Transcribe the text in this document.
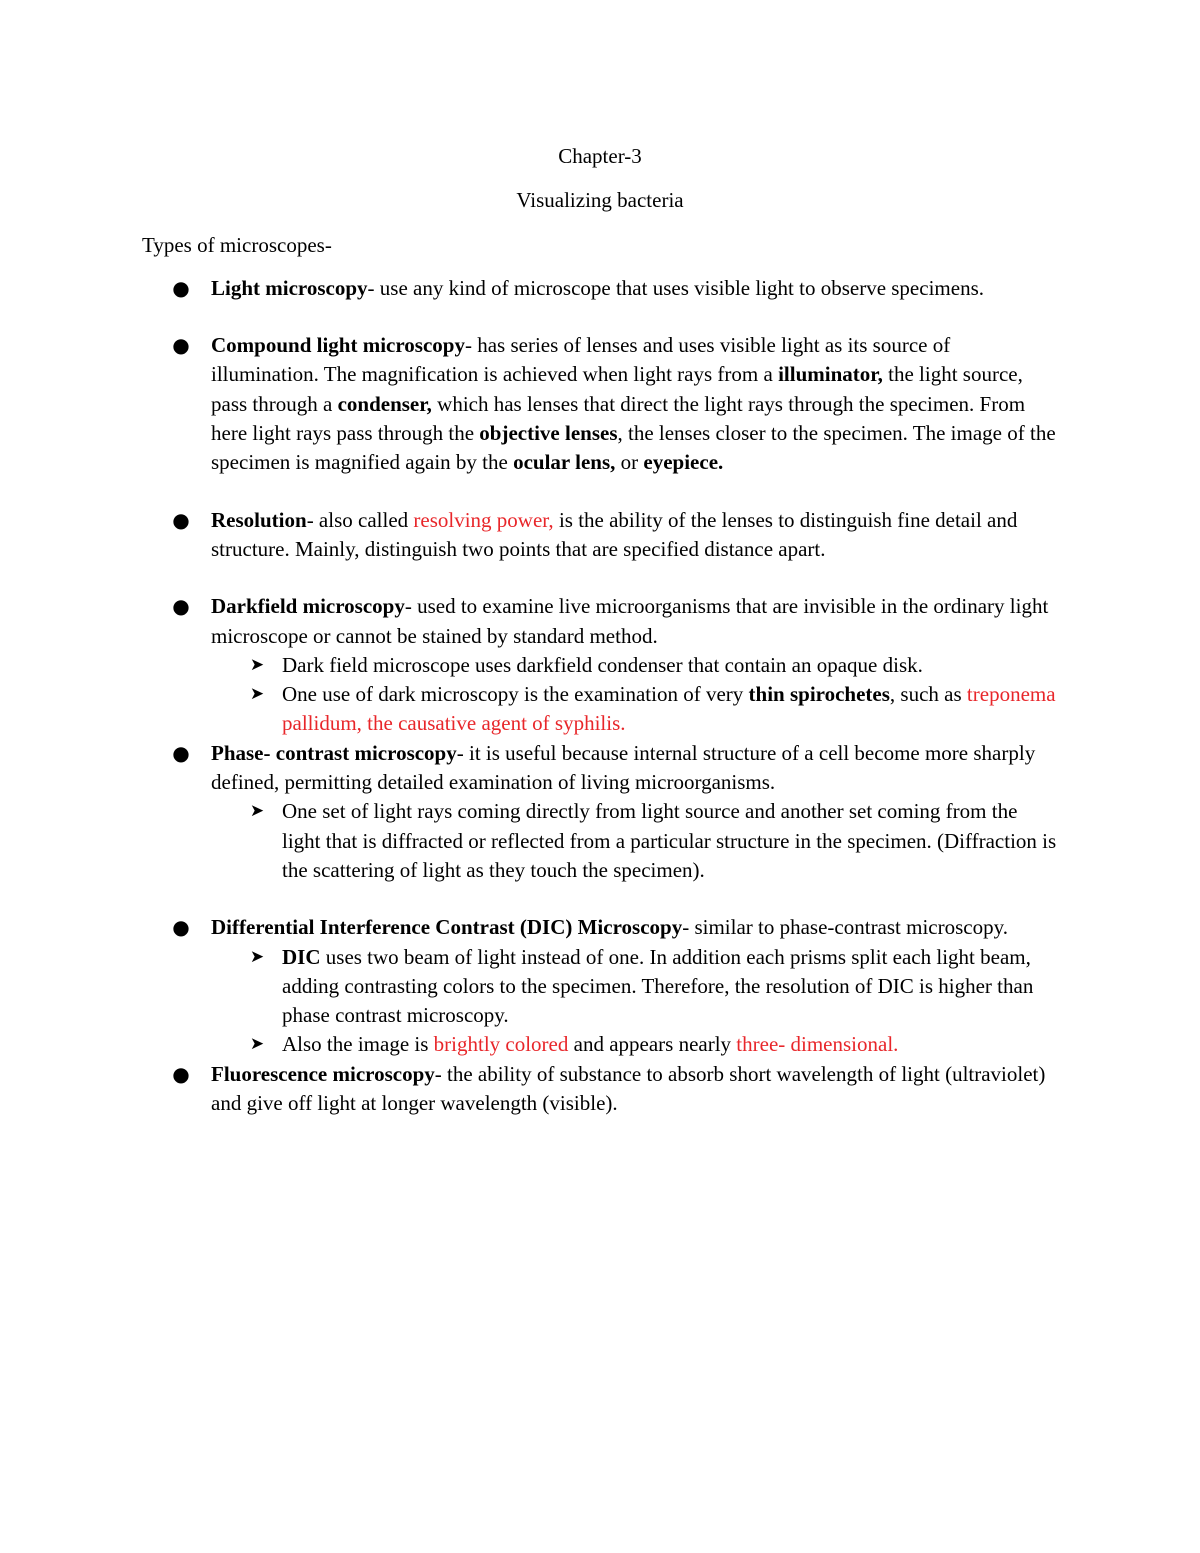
Chapter-3

Visualizing bacteria

Types of microscopes-

● Light microscopy- use any kind of microscope that uses visible light to observe specimens.
● Compound light microscopy- has series of lenses and uses visible light as its source of illumination. The magnification is achieved when light rays from a illuminator, the light source, pass through a condenser, which has lenses that direct the light rays through the specimen. From here light rays pass through the objective lenses, the lenses closer to the specimen. The image of the specimen is magnified again by the ocular lens, or eyepiece.
● Resolution- also called resolving power, is the ability of the lenses to distinguish fine detail and structure. Mainly, distinguish two points that are specified distance apart.
● Darkfield microscopy- used to examine live microorganisms that are invisible in the ordinary light microscope or cannot be stained by standard method.
➤ Dark field microscope uses darkfield condenser that contain an opaque disk.
➤ One use of dark microscopy is the examination of very thin spirochetes, such as treponema pallidum, the causative agent of syphilis.
● Phase- contrast microscopy- it is useful because internal structure of a cell become more sharply defined, permitting detailed examination of living microorganisms.
➤ One set of light rays coming directly from light source and another set coming from the light that is diffracted or reflected from a particular structure in the specimen. (Diffraction is the scattering of light as they touch the specimen).
● Differential Interference Contrast (DIC) Microscopy- similar to phase-contrast microscopy.
➤ DIC uses two beam of light instead of one. In addition each prisms split each light beam, adding contrasting colors to the specimen. Therefore, the resolution of DIC is higher than phase contrast microscopy.
➤ Also the image is brightly colored and appears nearly three- dimensional.
● Fluorescence microscopy- the ability of substance to absorb short wavelength of light (ultraviolet) and give off light at longer wavelength (visible).
